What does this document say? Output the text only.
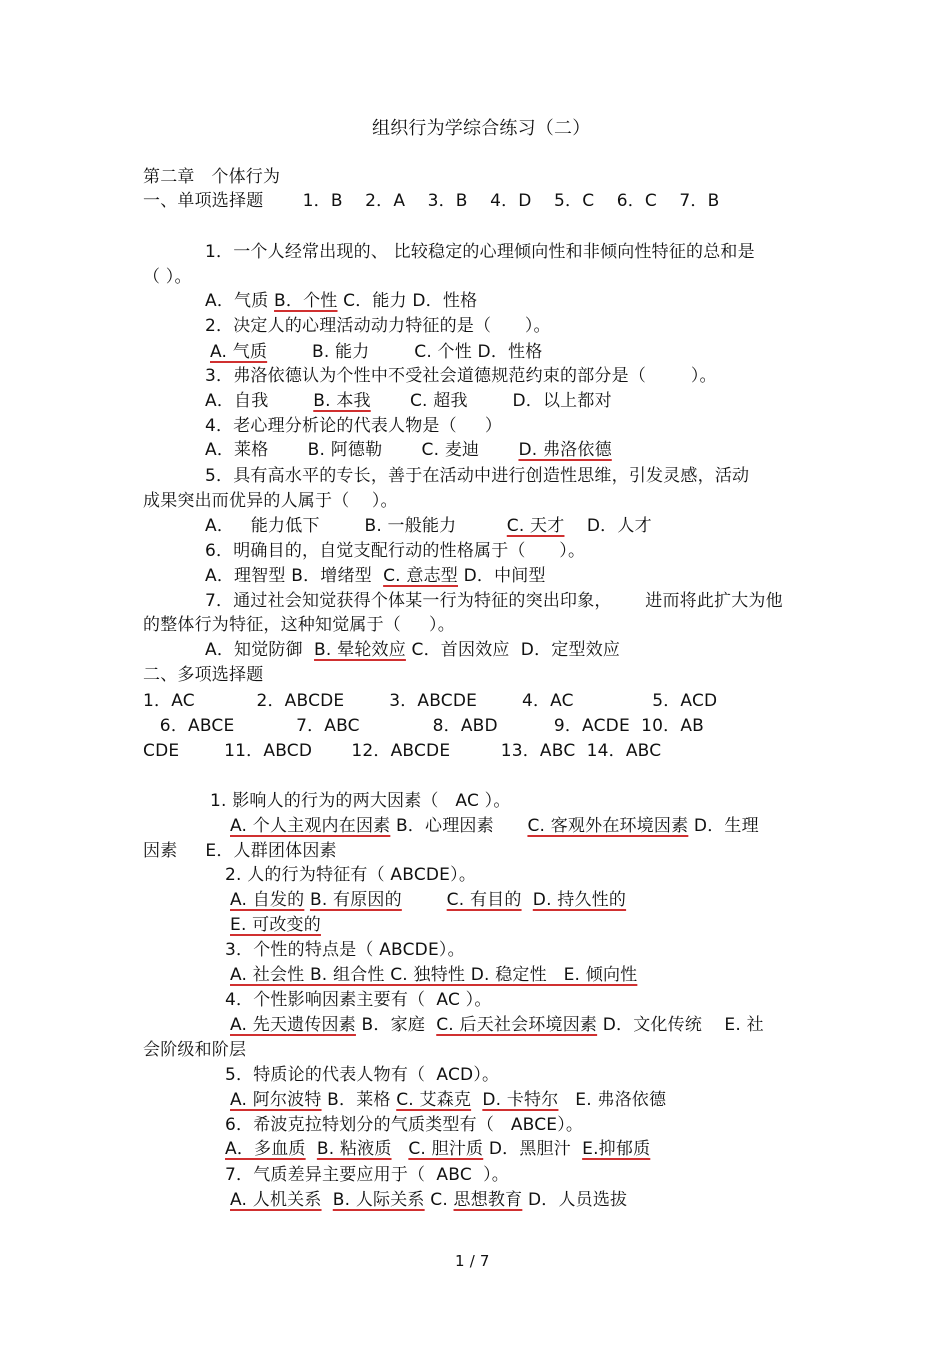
组织行为学综合练习（二）
第二章   个体行为
一、单项选择题       1．B    2．A    3．B    4．D    5．C    6．C    7．B
1．一个人经常出现的、 比较稳定的心理倾向性和非倾向性特征的总和是
（ ）。
A．气质 B．个性 C．能力 D．性格
2．决定人的心理活动动力特征的是（      ）。
A. 气质        B. 能力        C. 个性 D．性格
3．弗洛依德认为个性中不受社会道德规范约束的部分是（        ）。
A．自我        B. 本我       C. 超我        D．以上都对
4．老心理分析论的代表人物是（     ）
A．莱格       B. 阿德勒       C. 麦迪       D. 弗洛依德
5．具有高水平的专长，善于在活动中进行创造性思维，引发灵感，活动
成果突出而优异的人属于（    ）。
A．   能力低下        B. 一般能力         C. 天才    D．人才
6．明确目的，自觉支配行动的性格属于（      ）。
A．理智型 B．增绪型  C. 意志型 D．中间型
7．通过社会知觉获得个体某一行为特征的突出印象，      进而将此扩大为他
的整体行为特征，这种知觉属于（     ）。
A．知觉防御  B. 晕轮效应 C．首因效应  D．定型效应
二、多项选择题
1．AC           2．ABCDE        3．ABCDE        4．AC              5．ACD
6．ABCE           7．ABC             8．ABD          9．ACDE  10．AB
CDE        11．ABCD       12．ABCDE         13．ABC  14．ABC
1. 影响人的行为的两大因素（   AC ）。
A. 个人主观内在因素 B．心理因素      C. 客观外在环境因素 D．生理
因素     E．人群团体因素
2. 人的行为特征有（ ABCDE）。
A. 自发的 B. 有原因的	C. 有目的 D. 持久性的
E. 可改变的
3．个性的特点是（ ABCDE）。
A. 社会性 B. 组合性 C. 独特性 D. 稳定性   E. 倾向性
4．个性影响因素主要有（  AC ）。
A. 先天遗传因素 B．家庭  C. 后天社会环境因素 D．文化传统    E. 社
会阶级和阶层
5．特质论的代表人物有（  ACD）。
A. 阿尔波特 B．莱格 C. 艾森克 D. 卡特尔   E. 弗洛依德
6．希波克拉特划分的气质类型有（   ABCE）。
A．多血质 B. 粘液质 C. 胆汁质 D．黑胆汁  E.抑郁质
7．气质差异主要应用于（  ABC  ）。
A. 人机关系 B. 人际关系 C. 思想教育 D．人员选拔
1 / 7
